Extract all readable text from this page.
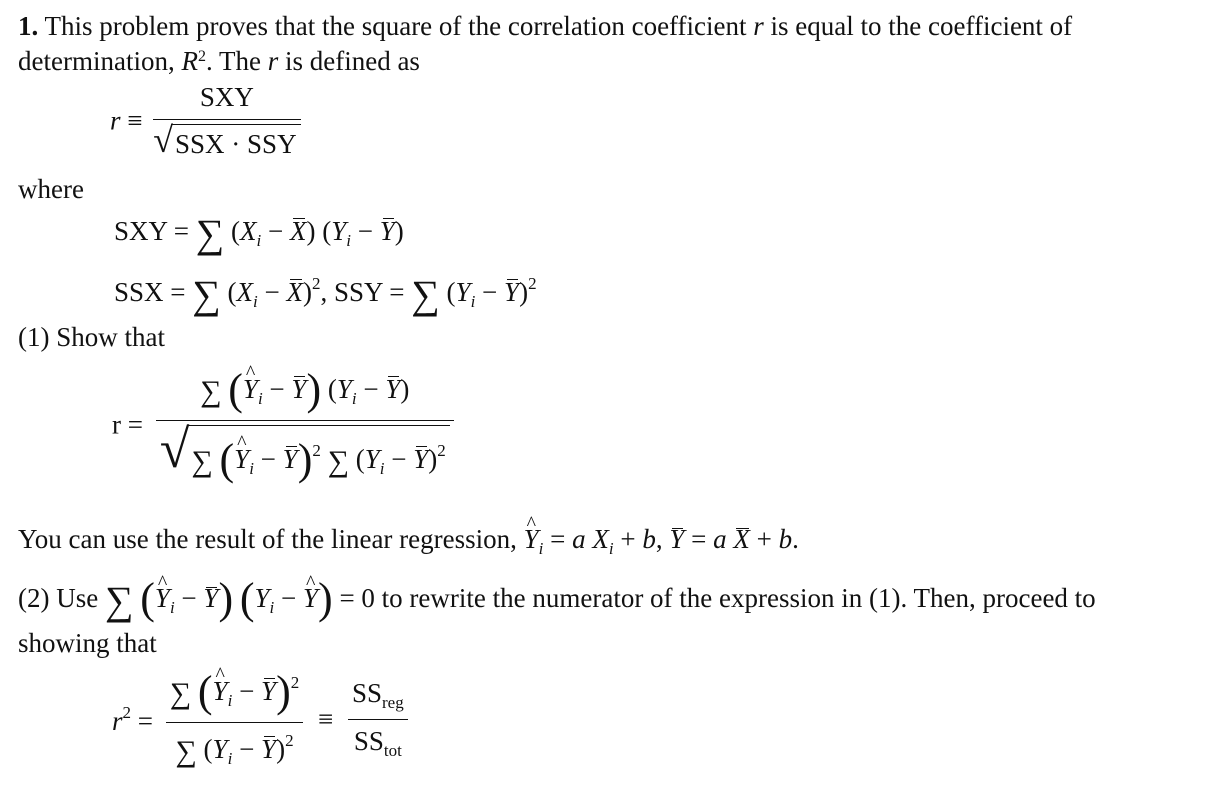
1. This problem proves that the square of the correlation coefficient r is equal to the coefficient of
determination, $R^2$. The r is defined as
r ≡
SXY
√ SSX · SSY
where
SXY = ∑ $(X_i - X) (Y_i - Y)$
SSX = ∑ $(X_i - X)^2$, SSY = ∑ $(Y_i - Y)^2$
(1) Show that
r =
∑ (^ $Y_i - Y$) $(Y_i - Y)$
√ ∑ (^ $Y_i - Y)^2$ ∑ $(Y_i - Y)^2$
You can use the result of the linear regression, ^ $Y_i = a$ $X_i + b$, Y = a X + b.
(2) Use ∑ (^ $Y_i - Y$) ($Y_i$ − ^ Y) = 0 to rewrite the numerator of the expression in (1). Then, proceed to
showing that
$r^2 = \frac{\sum (\^{} Y_i - Y)^2}{\sum (Y_i - Y)^2} \equiv \frac{SS_{reg}}{SS_{tot}}$
